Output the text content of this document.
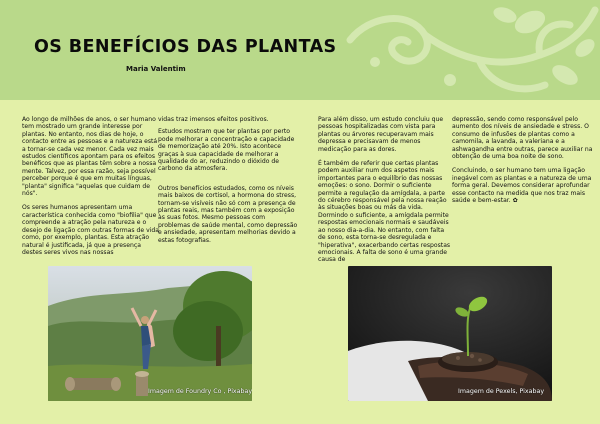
OS BENEFÍCIOS DAS PLANTAS
Maria Valentim

Ao longo de milhões de anos, o ser humano tem mostrado um grande interesse por plantas. No entanto, nos dias de hoje, o contacto entre as pessoas e a natureza está a tornar-se cada vez menor. Cada vez mais estudos científicos apontam para os efeitos benéficos que as plantas têm sobre a nossa mente. Talvez, por essa razão, seja possível perceber porque é que em muitas línguas, "planta" significa "aquelas que cuidam de nós".

Os seres humanos apresentam uma característica conhecida como "biofilia" que compreende a atração pela natureza e o desejo de ligação com outras formas de vida como, por exemplo, plantas. Esta atração natural é justificada, já que a presença destes seres vivos nas nossas

vidas traz imensos efeitos positivos.

Estudos mostram que ter plantas por perto pode melhorar a concentração e capacidade de memorização até 20%. Isto acontece graças à sua capacidade de melhorar a qualidade do ar, reduzindo o dióxido de carbono da atmosfera.

Outros benefícios estudados, como os níveis mais baixos de cortisol, a hormona do stress, tornam-se visíveis não só com a presença de plantas reais, mas também com a exposição às suas fotos. Mesmo pessoas com problemas de saúde mental, como depressão e ansiedade, apresentam melhorias devido a estas fotografias.

Imagem de Foundry Co , Pixabay

Para além disso, um estudo concluiu que pessoas hospitalizadas com vista para plantas ou árvores recuperavam mais depressa e precisavam de menos medicação para as dores.

É também de referir que certas plantas podem auxiliar num dos aspetos mais importantes para o equilíbrio das nossas emoções: o sono. Dormir o suficiente permite a regulação da amígdala, a parte do cérebro responsável pela nossa reação às situações boas ou más da vida. Dormindo o suficiente, a amígdala permite respostas emocionais normais e saudáveis ao nosso dia-a-dia. No entanto, com falta de sono, esta torna-se desregulada e "hiperativa", exacerbando certas respostas emocionais. A falta de sono é uma grande causa de

depressão, sendo como responsável pelo aumento dos níveis de ansiedade e stress. O consumo de infusões de plantas como a camomila, a lavanda, a valeriana e a ashwagandha entre outras, parece auxiliar na obtenção de uma boa noite de sono.

Concluindo, o ser humano tem uma ligação inegável com as plantas e a natureza de uma forma geral. Devemos considerar aprofundar esse contacto na medida que nos traz mais saúde e bem-estar. ✿

Imagem de Pexels, Pixabay
